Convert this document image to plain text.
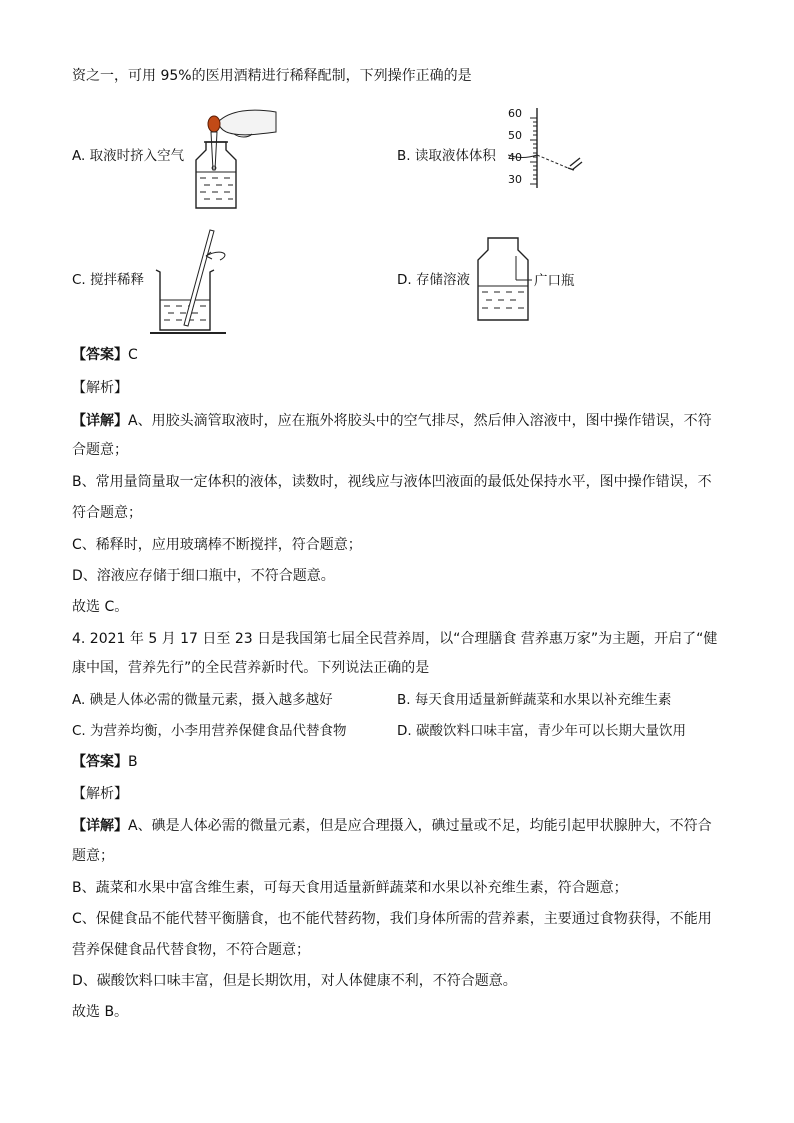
资之一，可用 95%的医用酒精进行稀释配制，下列操作正确的是
A. 取液时挤入空气	B. 读取液体体积
60
50
40
30
C. 搅拌稀释	D. 存储溶液	广口瓶
【答案】C
【解析】
【详解】A、用胶头滴管取液时，应在瓶外将胶头中的空气排尽，然后伸入溶液中，图中操作错误，不符
合题意；
B、常用量筒量取一定体积的液体，读数时，视线应与液体凹液面的最低处保持水平，图中操作错误，不
符合题意；
C、稀释时，应用玻璃棒不断搅拌，符合题意；
D、溶液应存储于细口瓶中，不符合题意。
故选 C。
4. 2021 年 5 月 17 日至 23 日是我国第七届全民营养周，以“合理膳食 营养惠万家”为主题，开启了“健
康中国，营养先行”的全民营养新时代。下列说法正确的是
A. 碘是人体必需的微量元素，摄入越多越好	B. 每天食用适量新鲜蔬菜和水果以补充维生素
C. 为营养均衡，小李用营养保健食品代替食物	D. 碳酸饮料口味丰富，青少年可以长期大量饮用
【答案】B
【解析】
【详解】A、碘是人体必需的微量元素，但是应合理摄入，碘过量或不足，均能引起甲状腺肿大，不符合
题意；
B、蔬菜和水果中富含维生素，可每天食用适量新鲜蔬菜和水果以补充维生素，符合题意；
C、保健食品不能代替平衡膳食，也不能代替药物，我们身体所需的营养素，主要通过食物获得，不能用
营养保健食品代替食物，不符合题意；
D、碳酸饮料口味丰富，但是长期饮用，对人体健康不利，不符合题意。
故选 B。
